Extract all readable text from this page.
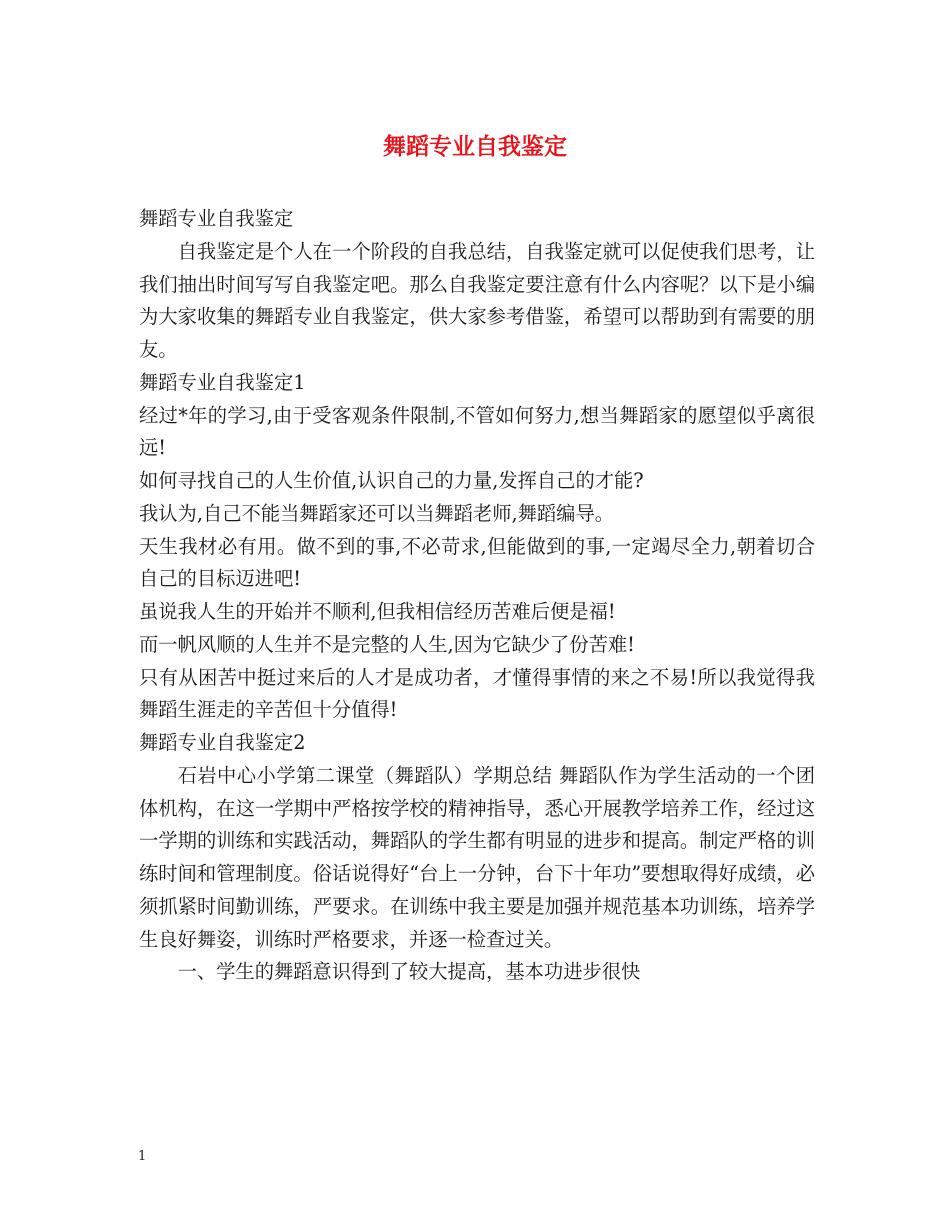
舞蹈专业自我鉴定

舞蹈专业自我鉴定

自我鉴定是个人在一个阶段的自我总结，自我鉴定就可以促使我们思考，让我们抽出时间写写自我鉴定吧。那么自我鉴定要注意有什么内容呢？以下是小编为大家收集的舞蹈专业自我鉴定，供大家参考借鉴，希望可以帮助到有需要的朋友。

舞蹈专业自我鉴定1

经过*年的学习,由于受客观条件限制,不管如何努力,想当舞蹈家的愿望似乎离很远!

如何寻找自己的人生价值,认识自己的力量,发挥自己的才能?

我认为,自己不能当舞蹈家还可以当舞蹈老师,舞蹈编导。

天生我材必有用。做不到的事,不必苛求,但能做到的事,一定竭尽全力,朝着切合自己的目标迈进吧!

虽说我人生的开始并不顺利,但我相信经历苦难后便是福!

而一帆风顺的人生并不是完整的人生,因为它缺少了份苦难!

只有从困苦中挺过来后的人才是成功者，才懂得事情的来之不易!所以我觉得我舞蹈生涯走的辛苦但十分值得!

舞蹈专业自我鉴定2

石岩中心小学第二课堂（舞蹈队）学期总结 舞蹈队作为学生活动的一个团体机构，在这一学期中严格按学校的精神指导，悉心开展教学培养工作，经过这一学期的训练和实践活动，舞蹈队的学生都有明显的进步和提高。制定严格的训练时间和管理制度。俗话说得好“台上一分钟，台下十年功”要想取得好成绩，必须抓紧时间勤训练，严要求。在训练中我主要是加强并规范基本功训练，培养学生良好舞姿，训练时严格要求，并逐一检查过关。

一、学生的舞蹈意识得到了较大提高，基本功进步很快

1
